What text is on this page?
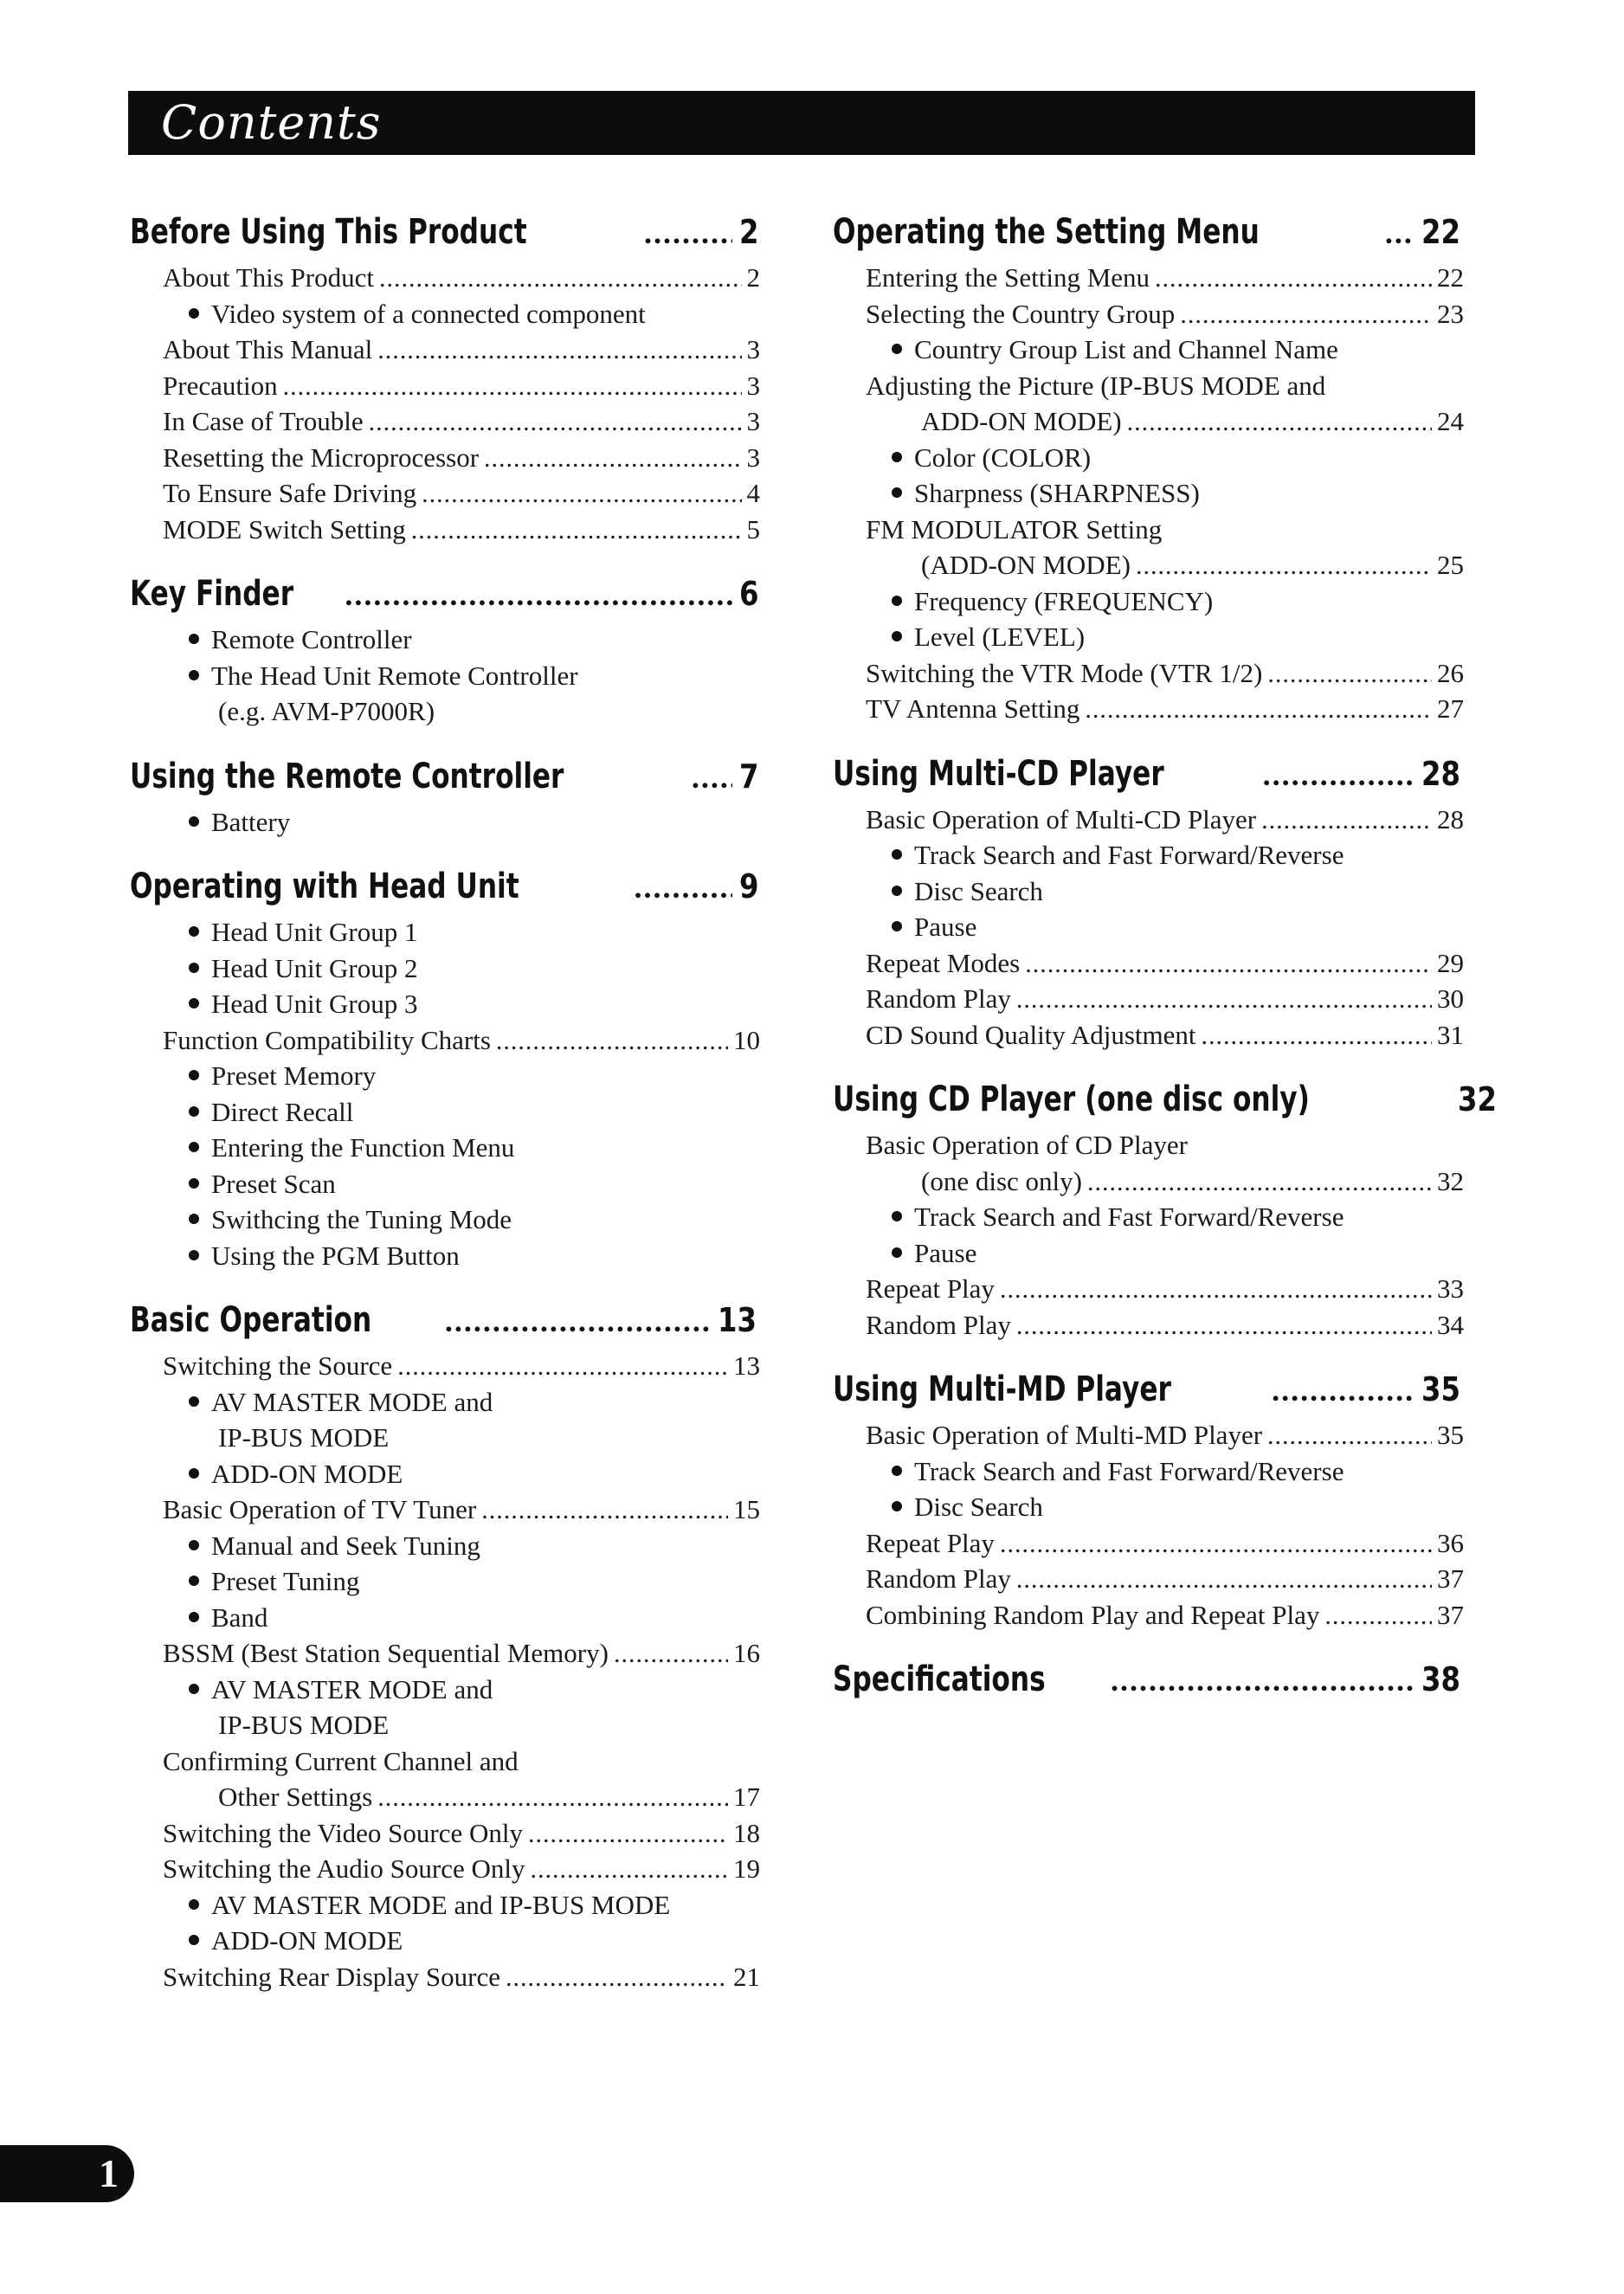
Contents
Before Using This Product .....	2
About This Product .....	2
Video system of a connected component
About This Manual .....	3
Precaution .....	3
In Case of Trouble .....	3
Resetting the Microprocessor .....	3
To Ensure Safe Driving .....	4
MODE Switch Setting .....	5
Key Finder .....	6
Remote Controller
The Head Unit Remote Controller
(e.g. AVM-P7000R)
Using the Remote Controller .....	7
Battery
Operating with Head Unit .....	9
Head Unit Group 1
Head Unit Group 2
Head Unit Group 3
Function Compatibility Charts .....	10
Preset Memory
Direct Recall
Entering the Function Menu
Preset Scan
Swithcing the Tuning Mode
Using the PGM Button
Basic Operation .....	13
Switching the Source .....	13
AV MASTER MODE and
IP-BUS MODE
ADD-ON MODE
Basic Operation of TV Tuner .....	15
Manual and Seek Tuning
Preset Tuning
Band
BSSM (Best Station Sequential Memory) .....	16
AV MASTER MODE and
IP-BUS MODE
Confirming Current Channel and
Other Settings .....	17
Switching the Video Source Only .....	18
Switching the Audio Source Only .....	19
AV MASTER MODE and IP-BUS MODE
ADD-ON MODE
Switching Rear Display Source .....	21
Operating the Setting Menu .....	22
Entering the Setting Menu .....	22
Selecting the Country Group .....	23
Country Group List and Channel Name
Adjusting the Picture (IP-BUS MODE and
ADD-ON MODE) .....	24
Color (COLOR)
Sharpness (SHARPNESS)
FM MODULATOR Setting
(ADD-ON MODE) .....	25
Frequency (FREQUENCY)
Level (LEVEL)
Switching the VTR Mode (VTR 1/2) .....	26
TV Antenna Setting .....	27
Using Multi-CD Player .....	28
Basic Operation of Multi-CD Player .....	28
Track Search and Fast Forward/Reverse
Disc Search
Pause
Repeat Modes .....	29
Random Play .....	30
CD Sound Quality Adjustment .....	31
Using CD Player (one disc only)	32
Basic Operation of CD Player
(one disc only) .....	32
Track Search and Fast Forward/Reverse
Pause
Repeat Play .....	33
Random Play .....	34
Using Multi-MD Player .....	35
Basic Operation of Multi-MD Player .....	35
Track Search and Fast Forward/Reverse
Disc Search
Repeat Play .....	36
Random Play .....	37
Combining Random Play and Repeat Play .....	37
Specifications .....	38
1
